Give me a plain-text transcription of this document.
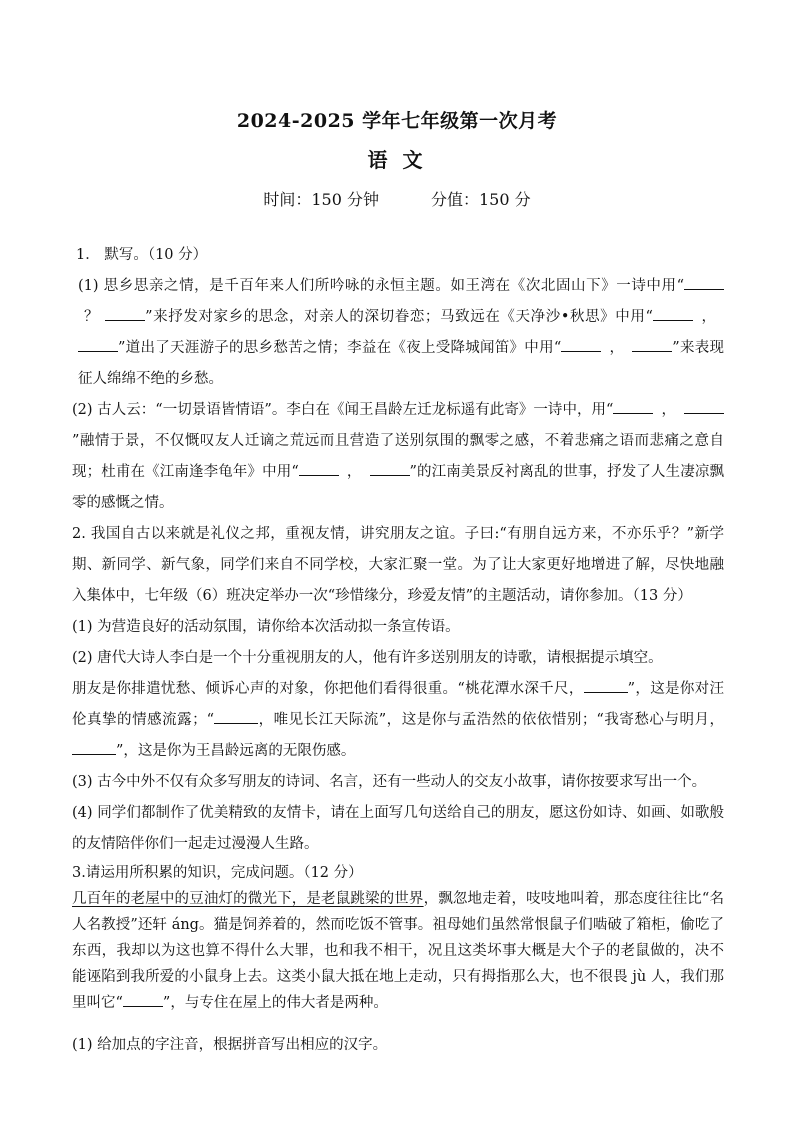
2024-2025 学年七年级第一次月考
语 文
时间：150 分钟	分值：150 分

1． 默写。（10 分）

(1) 思乡思亲之情，是千百年来人们所吟咏的永恒主题。如王湾在《次北固山下》一诗中用“？	”来抒发对家乡的思念，对亲人的深切眷恋；马致远在《天净沙•秋思》中用“	，”道出了天涯游子的思乡愁苦之情；李益在《夜上受降城闻笛》中用“	，	”来表现征人绵绵不绝的乡愁。

(2) 古人云：“一切景语皆情语”。李白在《闻王昌龄左迁龙标遥有此寄》一诗中，用“	，”融情于景，不仅慨叹友人迁谪之荒远而且营造了送别氛围的飘零之感，不着悲痛之语而悲痛之意自现；杜甫在《江南逢李龟年》中用“	，	”的江南美景反衬离乱的世事，抒发了人生凄凉飘零的感慨之情。

2. 我国自古以来就是礼仪之邦，重视友情，讲究朋友之谊。子曰:“有朋自远方来，不亦乐乎？”新学期、新同学、新气象，同学们来自不同学校，大家汇聚一堂。为了让大家更好地增进了解，尽快地融入集体中，七年级（6）班决定举办一次“珍惜缘分，珍爱友情”的主题活动，请你参加。（13 分）

(1) 为营造良好的活动氛围，请你给本次活动拟一条宣传语。

(2) 唐代大诗人李白是一个十分重视朋友的人，他有许多送别朋友的诗歌，请根据提示填空。

朋友是你排遣忧愁、倾诉心声的对象，你把他们看得很重。“桃花潭水深千尺，	”，这是你对汪伦真挚的情感流露；“	，唯见长江天际流”，这是你与孟浩然的依依惜别；“我寄愁心与明月，”，这是你为王昌龄远离的无限伤感。

(3) 古今中外不仅有众多写朋友的诗词、名言，还有一些动人的交友小故事，请你按要求写出一个。

(4) 同学们都制作了优美精致的友情卡，请在上面写几句送给自己的朋友，愿这份如诗、如画、如歌般的友情陪伴你们一起走过漫漫人生路。

3.请运用所积累的知识，完成问题。（12 分）

几百年的老屋中的豆油灯的微光下，是老鼠跳梁的世界，飘忽地走着，吱吱地叫着，那态度往往比“名人名教授”还轩 áng。猫是饲养着的，然而吃饭不管事。祖母她们虽然常恨鼠子们啮破了箱柜，偷吃了东西，我却以为这也算不得什么大罪，也和我不相干，况且这类坏事大概是大个子的老鼠做的，决不能诬陷到我所爱的小鼠身上去。这类小鼠大抵在地上走动，只有拇指那么大，也不很畏 jù 人，我们那里叫它“	”，与专住在屋上的伟大者是两种。

(1) 给加点的字注音，根据拼音写出相应的汉字。
